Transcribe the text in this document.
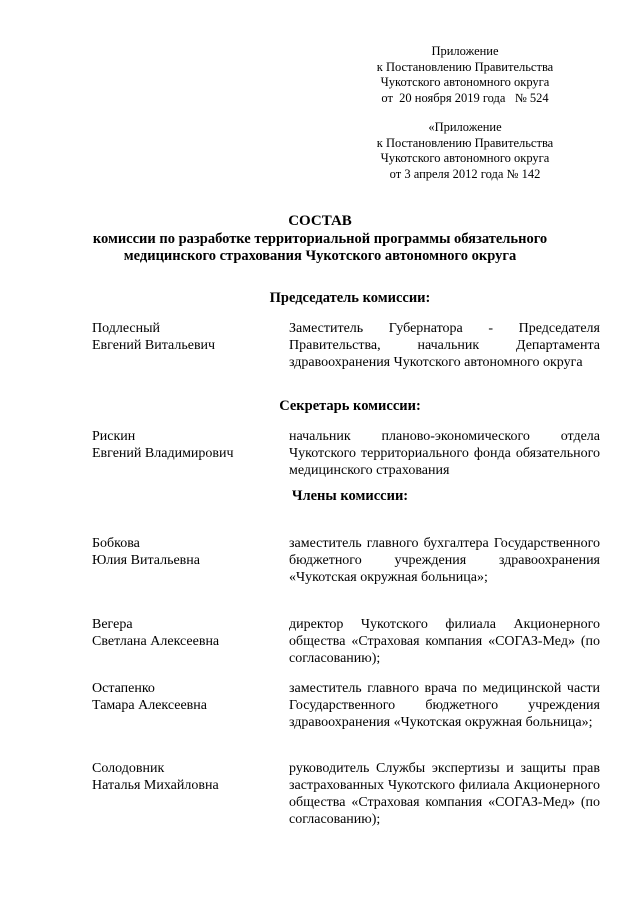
Приложение
к Постановлению Правительства
Чукотского автономного округа
от  20 ноября 2019 года   № 524
«Приложение
к Постановлению Правительства
Чукотского автономного округа
от 3 апреля 2012 года № 142
СОСТАВ
комиссии по разработке территориальной программы обязательного медицинского страхования Чукотского автономного округа
Председатель комиссии:
Подлесный
Евгений Витальевич
Заместитель Губернатора - Председателя Правительства, начальник Департамента здравоохранения Чукотского автономного округа
Секретарь комиссии:
Рискин
Евгений Владимирович
начальник планово-экономического отдела Чукотского территориального фонда обязательного медицинского страхования
Члены комиссии:
Бобкова
Юлия Витальевна
заместитель главного бухгалтера Государственного бюджетного учреждения здравоохранения «Чукотская окружная больница»;
Вегера
Светлана Алексеевна
директор Чукотского филиала Акционерного общества «Страховая компания «СОГАЗ-Мед» (по согласованию);
Остапенко
Тамара Алексеевна
заместитель главного врача по медицинской части Государственного бюджетного учреждения здравоохранения «Чукотская окружная больница»;
Солодовник
Наталья Михайловна
руководитель Службы экспертизы и защиты прав застрахованных Чукотского филиала Акционерного общества «Страховая компания «СОГАЗ-Мед» (по согласованию);
